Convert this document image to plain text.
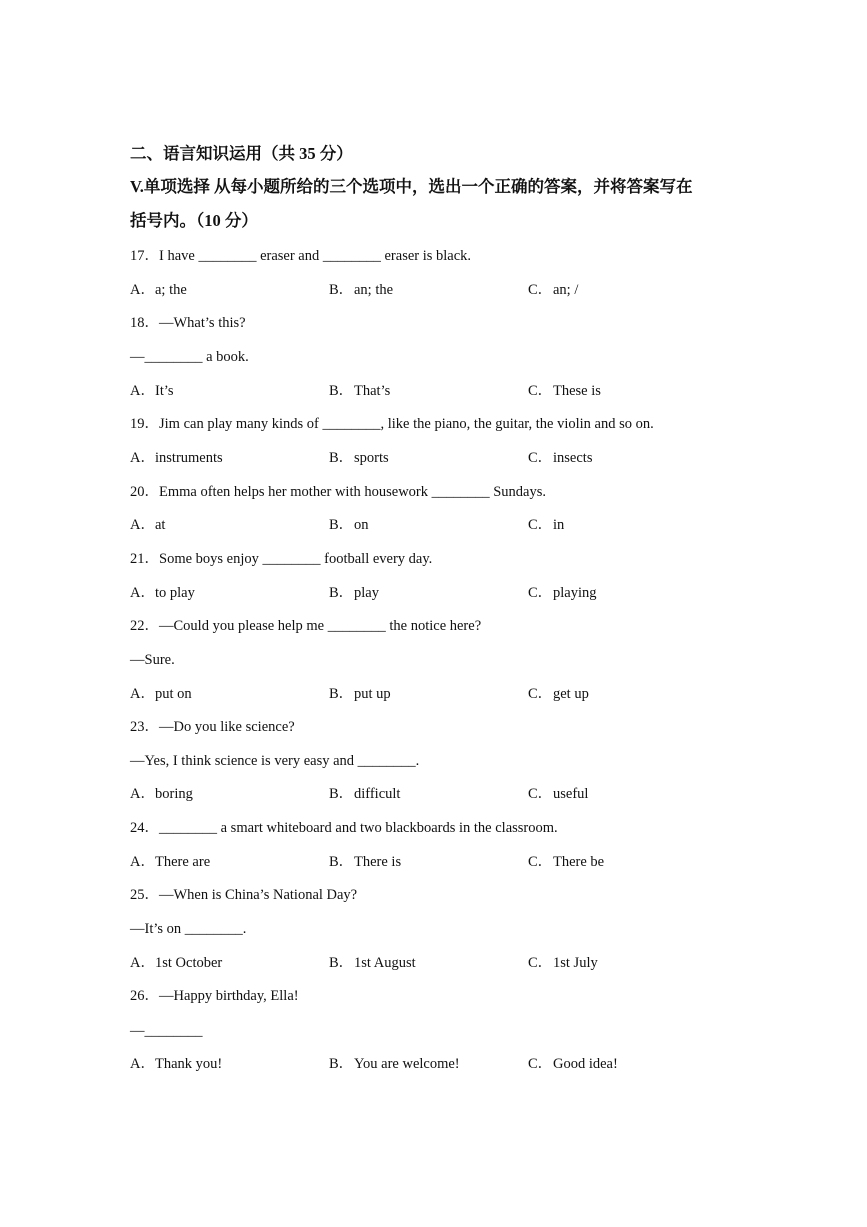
二、语言知识运用（共 35 分）
V.单项选择 从每小题所给的三个选项中，选出一个正确的答案，并将答案写在
括号内。（10 分）
17．I have ________ eraser and ________ eraser is black.
A．a; the	B．an; the	C．an; /
18．—What’s this?
—________ a book.
A．It’s	B．That’s	C．These is
19．Jim can play many kinds of ________, like the piano, the guitar, the violin and so on.
A．instruments	B．sports	C．insects
20．Emma often helps her mother with housework ________ Sundays.
A．at	B．on	C．in
21．Some boys enjoy ________ football every day.
A．to play	B．play	C．playing
22．—Could you please help me ________ the notice here?
—Sure.
A．put on	B．put up	C．get up
23．—Do you like science?
—Yes, I think science is very easy and ________.
A．boring	B．difficult	C．useful
24．________ a smart whiteboard and two blackboards in the classroom.
A．There are	B．There is	C．There be
25．—When is China’s National Day?
—It’s on ________.
A．1st October	B．1st August	C．1st July
26．—Happy birthday, Ella!
—________
A．Thank you!	B．You are welcome!	C．Good idea!
